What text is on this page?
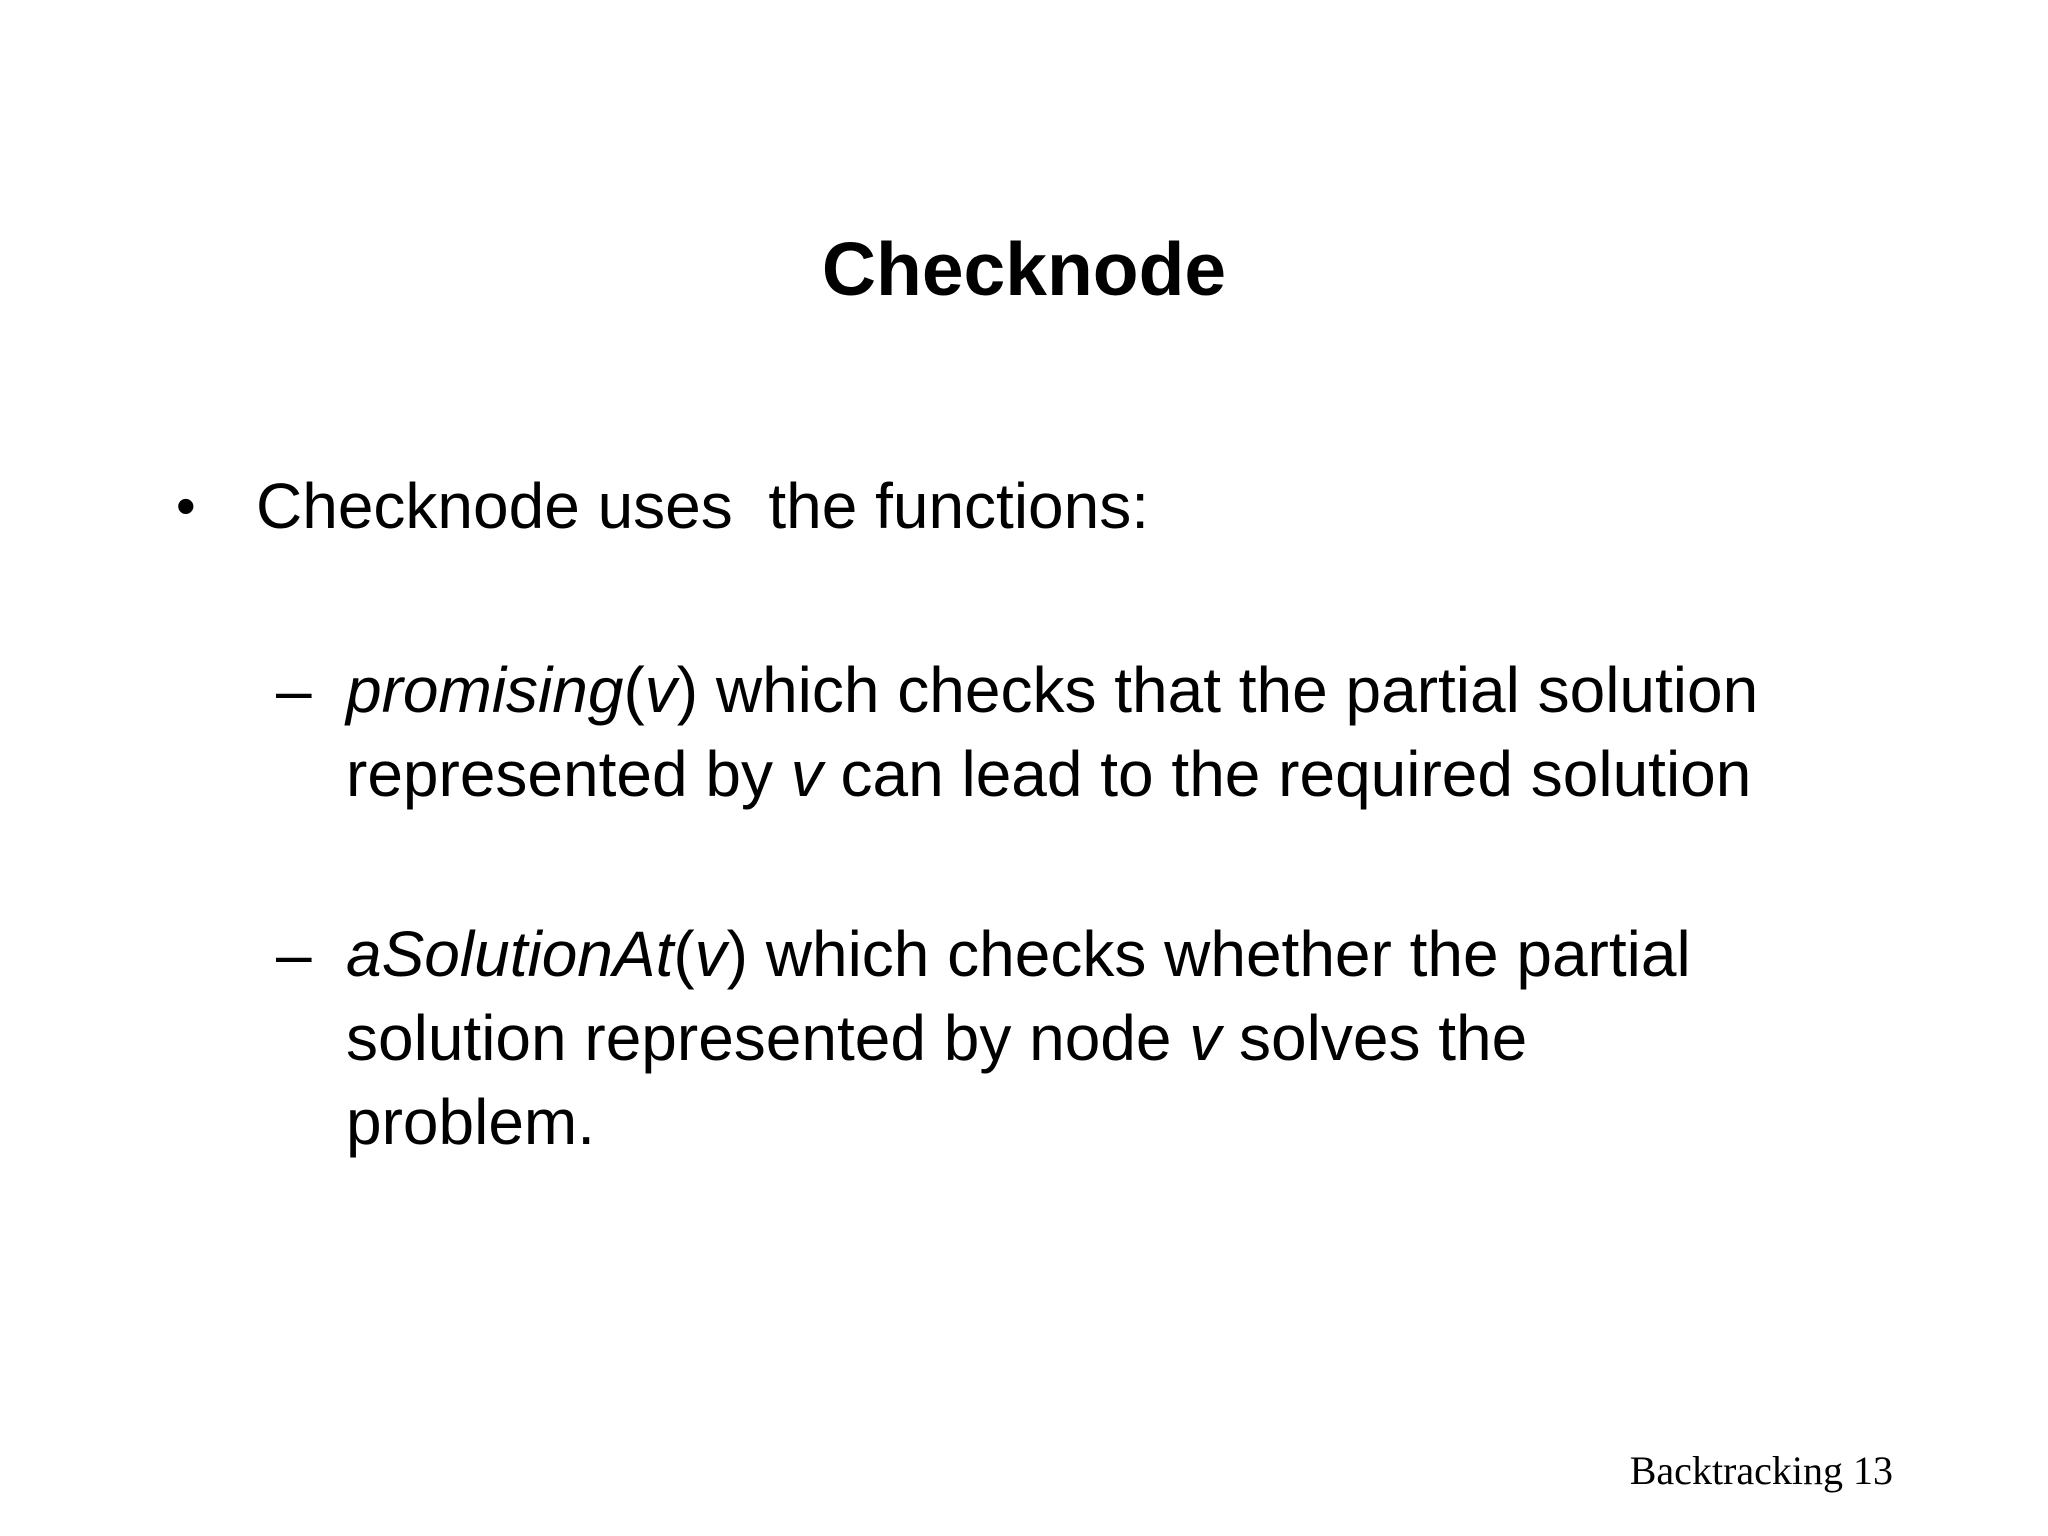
Checknode
• Checknode uses  the functions:
– promising(v) which checks that the partial solution
represented by v can lead to the required solution
– aSolutionAt(v) which checks whether the partial
solution represented by node v solves the
problem.
Backtracking 13
